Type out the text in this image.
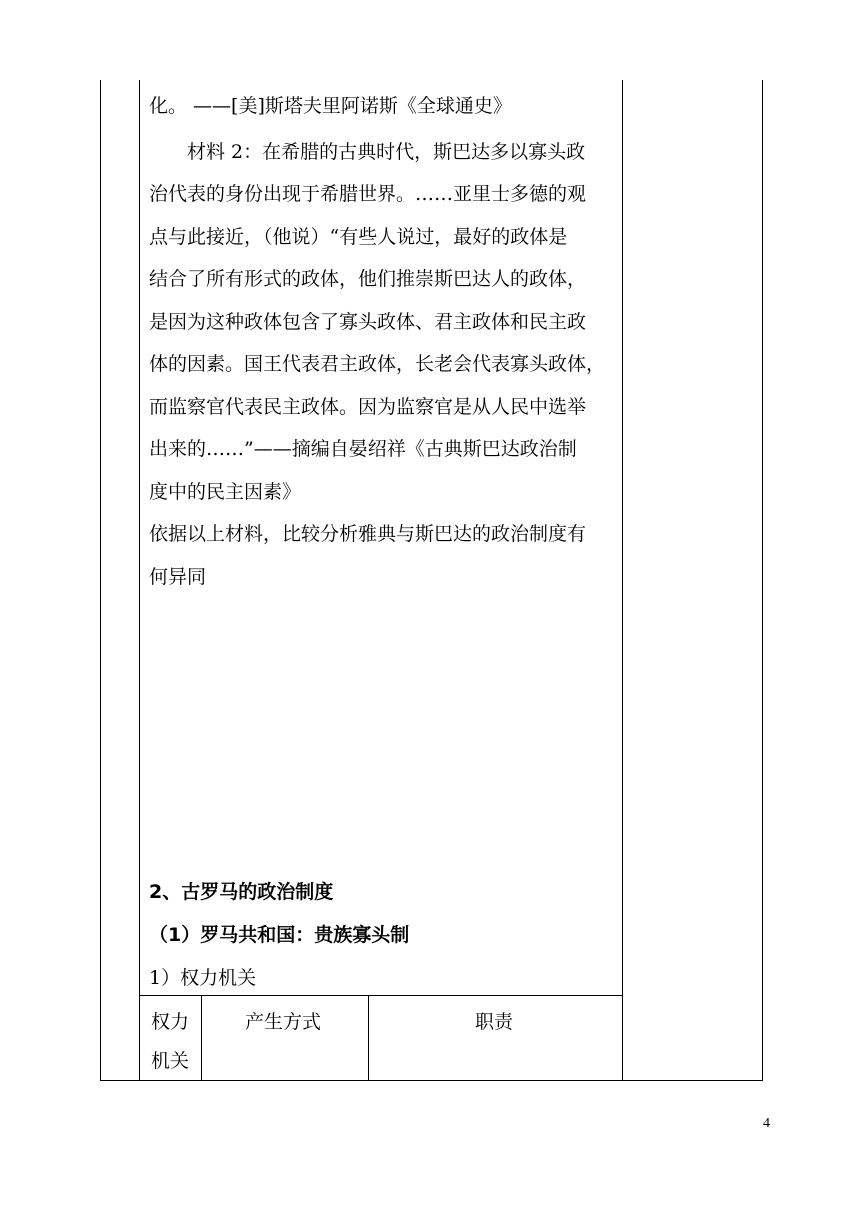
化。 ——[美]斯塔夫里阿诺斯《全球通史》
材料 2：在希腊的古典时代，斯巴达多以寡头政
治代表的身份出现于希腊世界。……亚里士多德的观
点与此接近，（他说）“有些人说过，最好的政体是
结合了所有形式的政体，他们推崇斯巴达人的政体，
是因为这种政体包含了寡头政体、君主政体和民主政
体的因素。国王代表君主政体，长老会代表寡头政体，
而监察官代表民主政体。因为监察官是从人民中选举
出来的……”——摘编自晏绍祥《古典斯巴达政治制
度中的民主因素》
依据以上材料，比较分析雅典与斯巴达的政治制度有
何异同
2、古罗马的政治制度
（1）罗马共和国：贵族寡头制
1）权力机关
权力
机关
产生方式	职责
4
